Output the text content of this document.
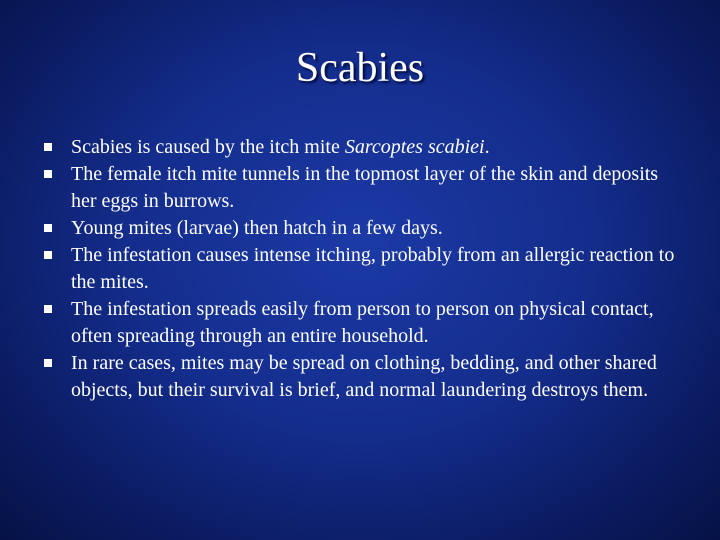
Scabies
Scabies is caused by the itch mite Sarcoptes scabiei.
The female itch mite tunnels in the topmost layer of the skin and deposits her eggs in burrows.
Young mites (larvae) then hatch in a few days.
The infestation causes intense itching, probably from an allergic reaction to the mites.
The infestation spreads easily from person to person on physical contact, often spreading through an entire household.
In rare cases, mites may be spread on clothing, bedding, and other shared objects, but their survival is brief, and normal laundering destroys them.
